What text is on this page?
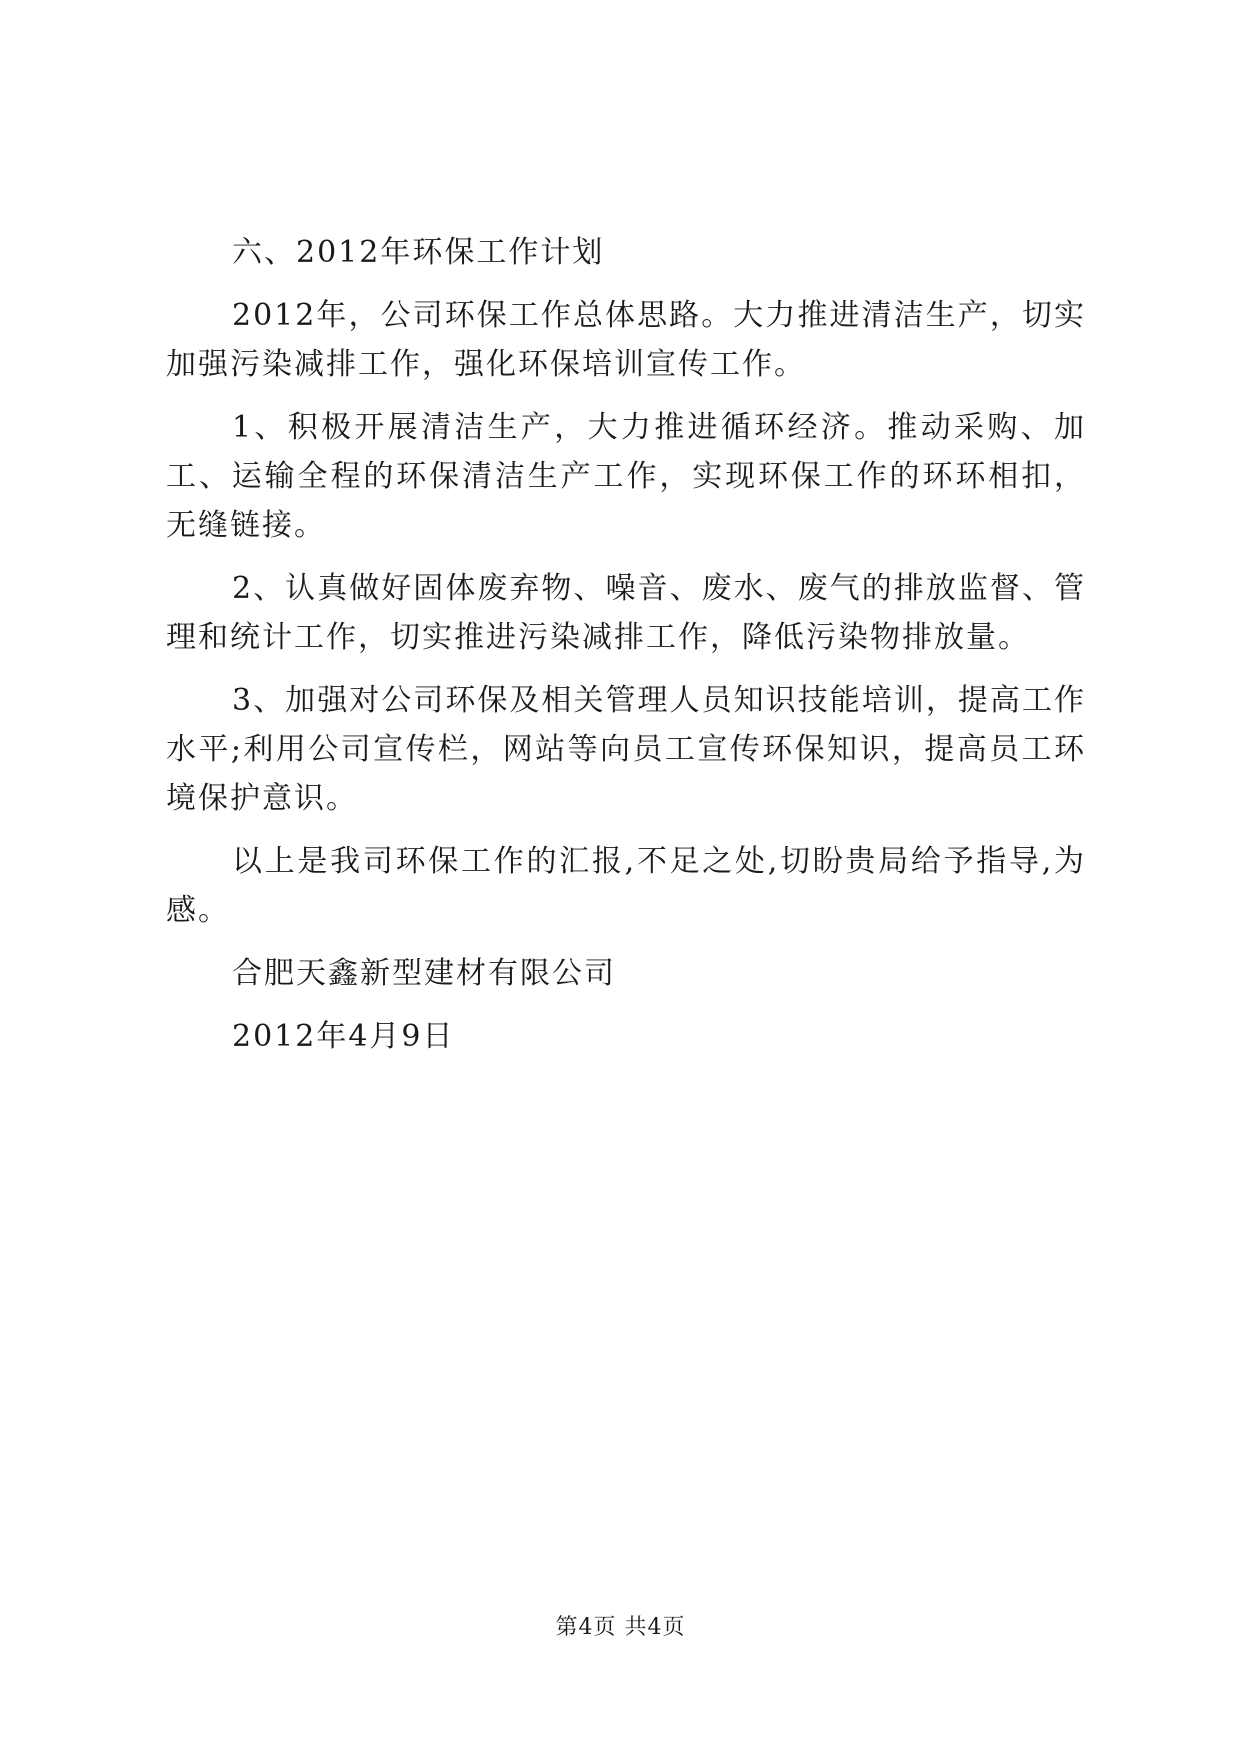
六、2012年环保工作计划

2012年，公司环保工作总体思路。大力推进清洁生产，切实加强污染减排工作，强化环保培训宣传工作。

1、积极开展清洁生产，大力推进循环经济。推动采购、加工、运输全程的环保清洁生产工作，实现环保工作的环环相扣，无缝链接。

2、认真做好固体废弃物、噪音、废水、废气的排放监督、管理和统计工作，切实推进污染减排工作，降低污染物排放量。

3、加强对公司环保及相关管理人员知识技能培训，提高工作水平;利用公司宣传栏，网站等向员工宣传环保知识，提高员工环境保护意识。

以上是我司环保工作的汇报,不足之处,切盼贵局给予指导,为感。

合肥天鑫新型建材有限公司

2012年4月9日

第4页 共4页
